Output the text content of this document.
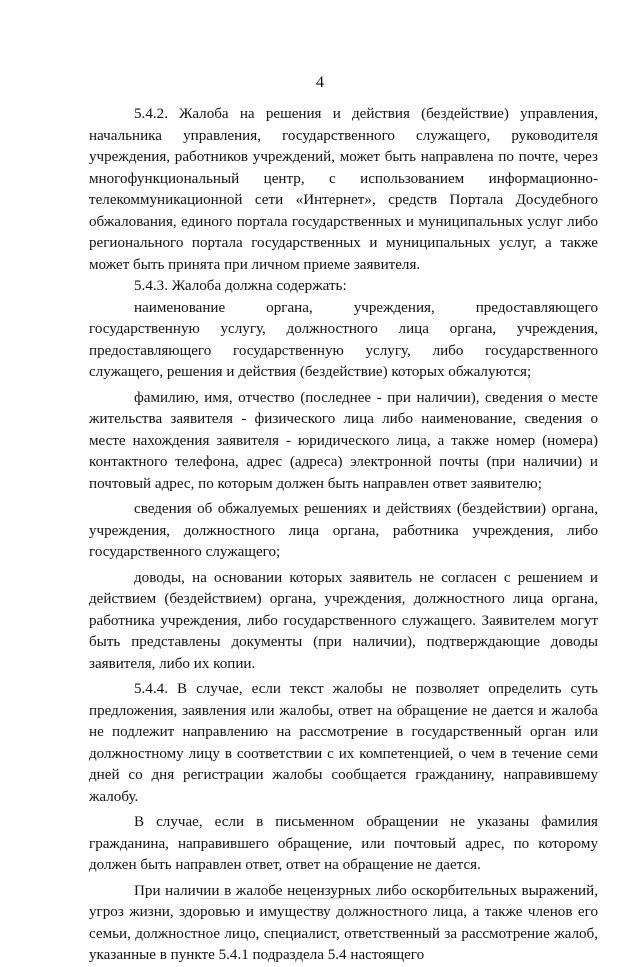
4

5.4.2. Жалоба на решения и действия (бездействие) управления, начальника управления, государственного служащего, руководителя учреждения, работников учреждений, может быть направлена по почте, через многофункциональный центр, с использованием информационно-телекоммуникационной сети «Интернет», средств Портала Досудебного обжалования, единого портала государственных и муниципальных услуг либо регионального портала государственных и муниципальных услуг, а также может быть принята при личном приеме заявителя.

5.4.3. Жалоба должна содержать:

наименование органа, учреждения, предоставляющего государственную услугу, должностного лица органа, учреждения, предоставляющего государственную услугу, либо государственного служащего, решения и действия (бездействие) которых обжалуются;

фамилию, имя, отчество (последнее - при наличии), сведения о месте жительства заявителя - физического лица либо наименование, сведения о месте нахождения заявителя - юридического лица, а также номер (номера) контактного телефона, адрес (адреса) электронной почты (при наличии) и почтовый адрес, по которым должен быть направлен ответ заявителю;

сведения об обжалуемых решениях и действиях (бездействии) органа, учреждения, должностного лица органа, работника учреждения, либо государственного служащего;

доводы, на основании которых заявитель не согласен с решением и действием (бездействием) органа, учреждения, должностного лица органа, работника учреждения, либо государственного служащего. Заявителем могут быть представлены документы (при наличии), подтверждающие доводы заявителя, либо их копии.

5.4.4. В случае, если текст жалобы не позволяет определить суть предложения, заявления или жалобы, ответ на обращение не дается и жалоба не подлежит направлению на рассмотрение в государственный орган или должностному лицу в соответствии с их компетенцией, о чем в течение семи дней со дня регистрации жалобы сообщается гражданину, направившему жалобу.

В случае, если в письменном обращении не указаны фамилия гражданина, направившего обращение, или почтовый адрес, по которому должен быть направлен ответ, ответ на обращение не дается.

При наличии в жалобе нецензурных либо оскорбительных выражений, угроз жизни, здоровью и имуществу должностного лица, а также членов его семьи, должностное лицо, специалист, ответственный за рассмотрение жалоб, указанные в пункте 5.4.1 подраздела 5.4 настоящего
